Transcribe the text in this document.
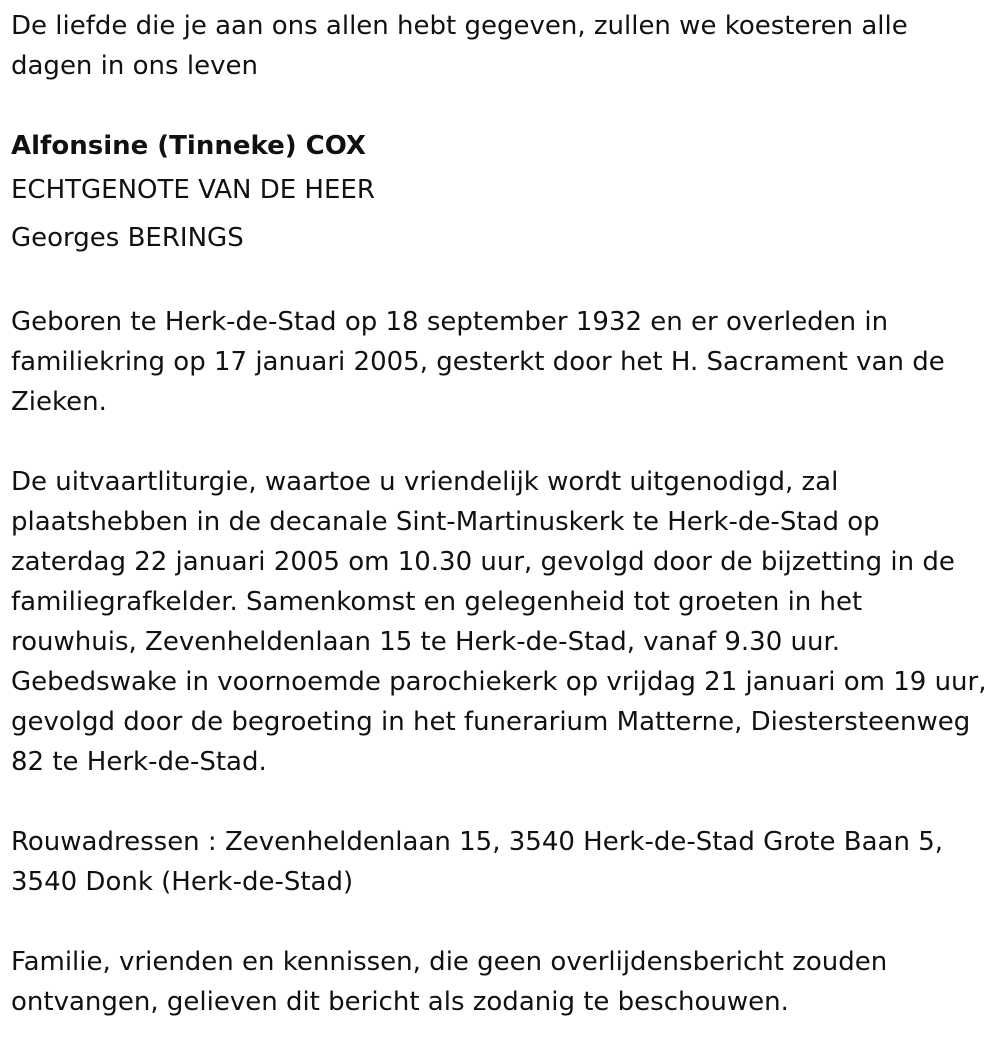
De liefde die je aan ons allen hebt gegeven, zullen we koesteren alle dagen in ons leven

Alfonsine (Tinneke) COX

ECHTGENOTE VAN DE HEER

Georges BERINGS

Geboren te Herk-de-Stad op 18 september 1932 en er overleden in familiekring op 17 januari 2005, gesterkt door het H. Sacrament van de Zieken.

De uitvaartliturgie, waartoe u vriendelijk wordt uitgenodigd, zal plaatshebben in de decanale Sint-Martinuskerk te Herk-de-Stad op zaterdag 22 januari 2005 om 10.30 uur, gevolgd door de bijzetting in de familiegrafkelder. Samenkomst en gelegenheid tot groeten in het rouwhuis, Zevenheldenlaan 15 te Herk-de-Stad, vanaf 9.30 uur. Gebedswake in voornoemde parochiekerk op vrijdag 21 januari om 19 uur, gevolgd door de begroeting in het funerarium Matterne, Diestersteenweg 82 te Herk-de-Stad.

Rouwadressen : Zevenheldenlaan 15, 3540 Herk-de-Stad Grote Baan 5, 3540 Donk (Herk-de-Stad)

Familie, vrienden en kennissen, die geen overlijdensbericht zouden ontvangen, gelieven dit bericht als zodanig te beschouwen.
